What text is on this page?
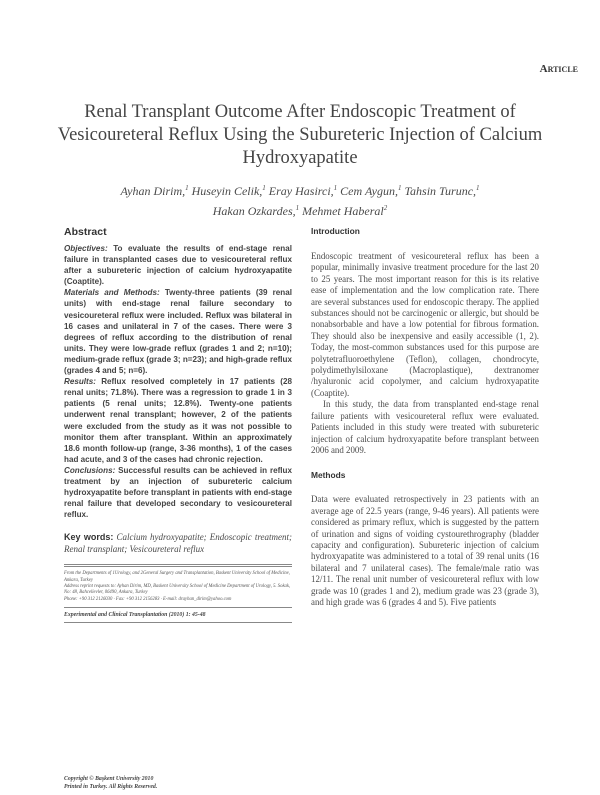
Article
Renal Transplant Outcome After Endoscopic Treatment of Vesicoureteral Reflux Using the Subureteric Injection of Calcium Hydroxyapatite
Ayhan Dirim,$^1$ Huseyin Celik,$^1$ Eray Hasirci,$^1$ Cem Aygun,$^1$ Tahsin Turunc,$^1$
Hakan Ozkardes,$^1$ Mehmet Haberal$^2$
Abstract

Objectives: To evaluate the results of end-stage renal failure in transplanted cases due to vesicoureteral reflux after a subureteric injection of calcium hydroxyapatite (Coaptite).

Materials and Methods: Twenty-three patients (39 renal units) with end-stage renal failure secondary to vesicoureteral reflux were included. Reflux was bilateral in 16 cases and unilateral in 7 of the cases. There were 3 degrees of reflux according to the distribution of renal units. They were low-grade reflux (grades 1 and 2; n=10); medium-grade reflux (grade 3; n=23); and high-grade reflux (grades 4 and 5; n=6).

Results: Reflux resolved completely in 17 patients (28 renal units; 71.8%). There was a regression to grade 1 in 3 patients (5 renal units; 12.8%). Twenty-one patients underwent renal transplant; however, 2 of the patients were excluded from the study as it was not possible to monitor them after transplant. Within an approximately 18.6 month follow-up (range, 3-36 months), 1 of the cases had acute, and 3 of the cases had chronic rejection.

Conclusions: Successful results can be achieved in reflux treatment by an injection of subureteric calcium hydroxyapatite before transplant in patients with end-stage renal failure that developed secondary to vesicoureteral reflux.

Key words: Calcium hydroxyapatite; Endoscopic treatment; Renal transplant; Vesicoureteral reflux

From the Departments of 1Urology, and 2General Surgery and Transplantation, Baskent University School of Medicine, Ankara, Turkey

Address reprint requests to: Ayhan Dirim, MD, Baskent University School of Medicine Department of Urology, 5. Sokak, No: 48, Bahcelievler, 06490, Ankara, Turkey

Phone: +90 312 2126030 · Fax: +90 312 2156283 · E-mail: drayhan_dirim@yahoo.com

Experimental and Clinical Transplantation (2010) 1: 45-48

Introduction

Endoscopic treatment of vesicoureteral reflux has been a popular, minimally invasive treatment procedure for the last 20 to 25 years. The most important reason for this is its relative ease of implementation and the low complication rate. There are several substances used for endoscopic therapy. The applied substances should not be carcinogenic or allergic, but should be nonabsorbable and have a low potential for fibrous formation. They should also be inexpensive and easily accessible (1, 2). Today, the most-common substances used for this purpose are polytetrafluoroethylene (Teflon), collagen, chondrocyte, polydimethylsiloxane (Macroplastique), dextranomer /hyaluronic acid copolymer, and calcium hydroxyapatite (Coaptite).

In this study, the data from transplanted end-stage renal failure patients with vesicoureteral reflux were evaluated. Patients included in this study were treated with subureteric injection of calcium hydroxyapatite before transplant between 2006 and 2009.

Methods

Data were evaluated retrospectively in 23 patients with an average age of 22.5 years (range, 9-46 years). All patients were considered as primary reflux, which is suggested by the pattern of urination and signs of voiding cystourethrography (bladder capacity and configuration). Subureteric injection of calcium hydroxyapatite was administered to a total of 39 renal units (16 bilateral and 7 unilateral cases). The female/male ratio was 12/11. The renal unit number of vesicoureteral reflux with low grade was 10 (grades 1 and 2), medium grade was 23 (grade 3), and high grade was 6 (grades 4 and 5). Five patients

Copyright © Başkent University 2010
Printed in Turkey. All Rights Reserved.
